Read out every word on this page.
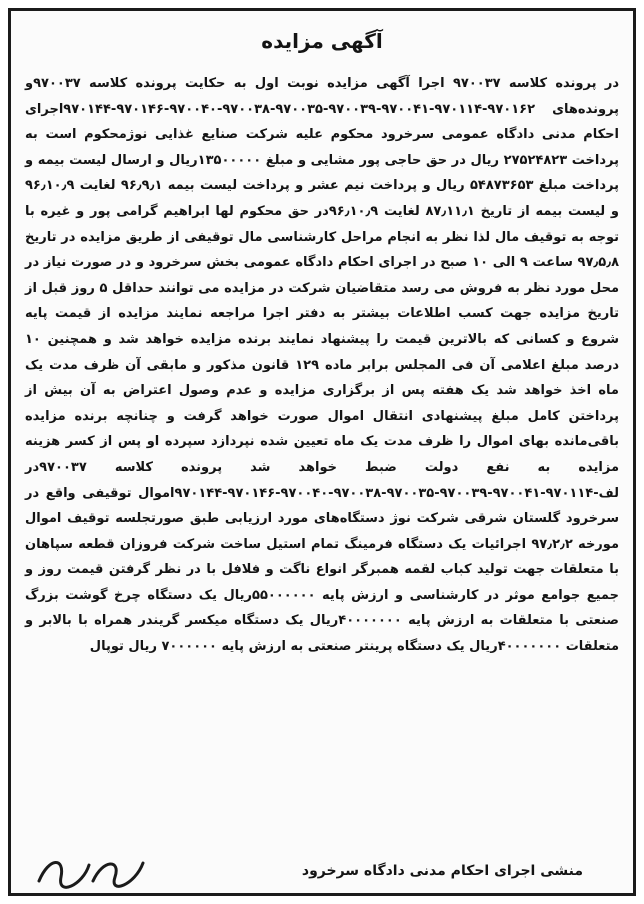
آگهی مزایده

در پرونده کلاسه ۹۷۰۰۳۷ اجرا آگهی مزایده نوبت اول به حکایت پرونده کلاسه ۹۷۰۰۳۷و پرونده‌های ۹۷۰۱۶۲-۹۷۰۱۱۴-۹۷۰۰۴۱-۹۷۰۰۳۹-۹۷۰۰۳۵-۹۷۰۰۳۸-۹۷۰۰۴۰-۹۷۰۱۴۶-۹۷۰۱۴۴اجرای احکام مدنی دادگاه عمومی سرخرود محکوم علیه شرکت صنایع غذایی نوژمحکوم است به پرداخت ۲۷۵۲۴۸۲۳ ریال در حق حاجی پور مشایی و مبلغ ۱۳۵۰۰۰۰۰ریال و ارسال لیست بیمه و پرداخت مبلغ ۵۴۸۷۳۶۵۳ ریال و پرداخت نیم عشر و پرداخت لیست بیمه ۹۶٫۹٫۱ لغایت ۹۶٫۱۰٫۹ و لیست بیمه از تاریخ ۸۷٫۱۱٫۱ لغایت ۹۶٫۱۰٫۹در حق محکوم لها ابراهیم گرامی پور و غیره با توجه به توقیف مال لذا نظر به انجام مراحل کارشناسی مال توقیفی از طریق مزایده در تاریخ ۹۷٫۵٫۸ ساعت ۹ الی ۱۰ صبح در اجرای احکام دادگاه عمومی بخش سرخرود و در صورت نیاز در محل مورد نظر به فروش می رسد متقاضیان شرکت در مزایده می توانند حداقل ۵ روز قبل از تاریخ مزایده جهت کسب اطلاعات بیشتر به دفتر اجرا مراجعه نمایند مزایده از قیمت پایه شروع و کسانی که بالاترین قیمت را پیشنهاد نمایند برنده مزایده خواهد شد و همچنین ۱۰ درصد مبلغ اعلامی آن فی المجلس برابر ماده ۱۲۹ قانون مذکور و مابقی آن ظرف مدت یک ماه اخذ خواهد شد یک هفته پس از برگزاری مزایده و عدم وصول اعتراض به آن بیش از پرداختن کامل مبلغ پیشنهادی انتقال اموال صورت خواهد گرفت و چنانچه برنده مزایده باقی‌مانده بهای اموال را ظرف مدت یک ماه تعیین شده نپردازد سپرده او پس از کسر هزینه مزایده به نفع دولت ضبط خواهد شد پرونده کلاسه ۹۷۰۰۳۷در لف-۹۷۰۱۱۴-۹۷۰۰۴۱-۹۷۰۰۳۹-۹۷۰۰۳۵-۹۷۰۰۳۸-۹۷۰۰۴۰-۹۷۰۱۴۶-۹۷۰۱۴۴اموال توقیفی واقع در سرخرود گلستان شرقی شرکت نوژ دستگاه‌های مورد ارزیابی طبق صورتجلسه توقیف اموال مورخه ۹۷٫۲٫۲ اجرائیات یک دستگاه فرمینگ تمام استیل ساخت شرکت فروزان قطعه سپاهان با متعلقات جهت تولید کباب لقمه همبرگر انواع ناگت و فلافل با در نظر گرفتن قیمت روز و جمیع جوامع موثر در کارشناسی و ارزش پایه ۵۵۰۰۰۰۰۰ریال یک دستگاه چرخ گوشت بزرگ صنعتی با متعلقات به ارزش پایه ۴۰۰۰۰۰۰۰ریال یک دستگاه میکسر گریندر همراه با بالابر و متعلقات ۴۰۰۰۰۰۰۰ریال یک دستگاه پرینتر صنعتی به ارزش پایه ۷۰۰۰۰۰۰ ریال توپال

منشی اجرای احکام مدنی دادگاه سرخرود
